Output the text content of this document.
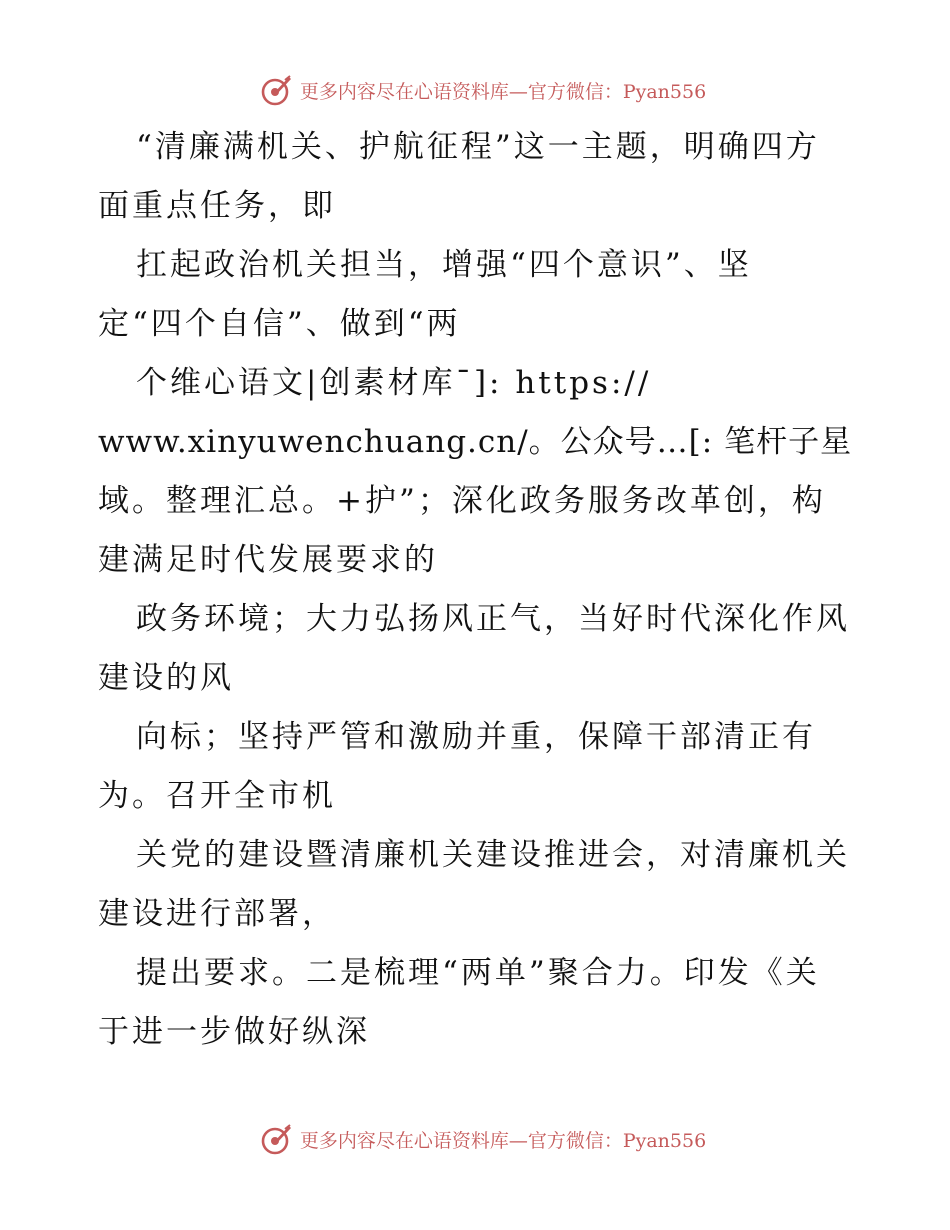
更多内容尽在心语资料库—官方微信：Pyan556
“清廉满机关、护航征程”这一主题，明确四方
面重点任务，即
扛起政治机关担当，增强“四个意识”、坚
定“四个自信”、做到“两
个维心语文|创素材库¯]: https://
www.xinyuwenchuang.cn/。公众号…[: 笔杆子星
域。整理汇总。+护”；深化政务服务改革创，构
建满足时代发展要求的
政务环境；大力弘扬风正气，当好时代深化作风
建设的风
向标；坚持严管和激励并重，保障干部清正有
为。召开全市机
关党的建设暨清廉机关建设推进会，对清廉机关
建设进行部署，
提出要求。二是梳理“两单”聚合力。印发《关
于进一步做好纵深
更多内容尽在心语资料库—官方微信：Pyan556
